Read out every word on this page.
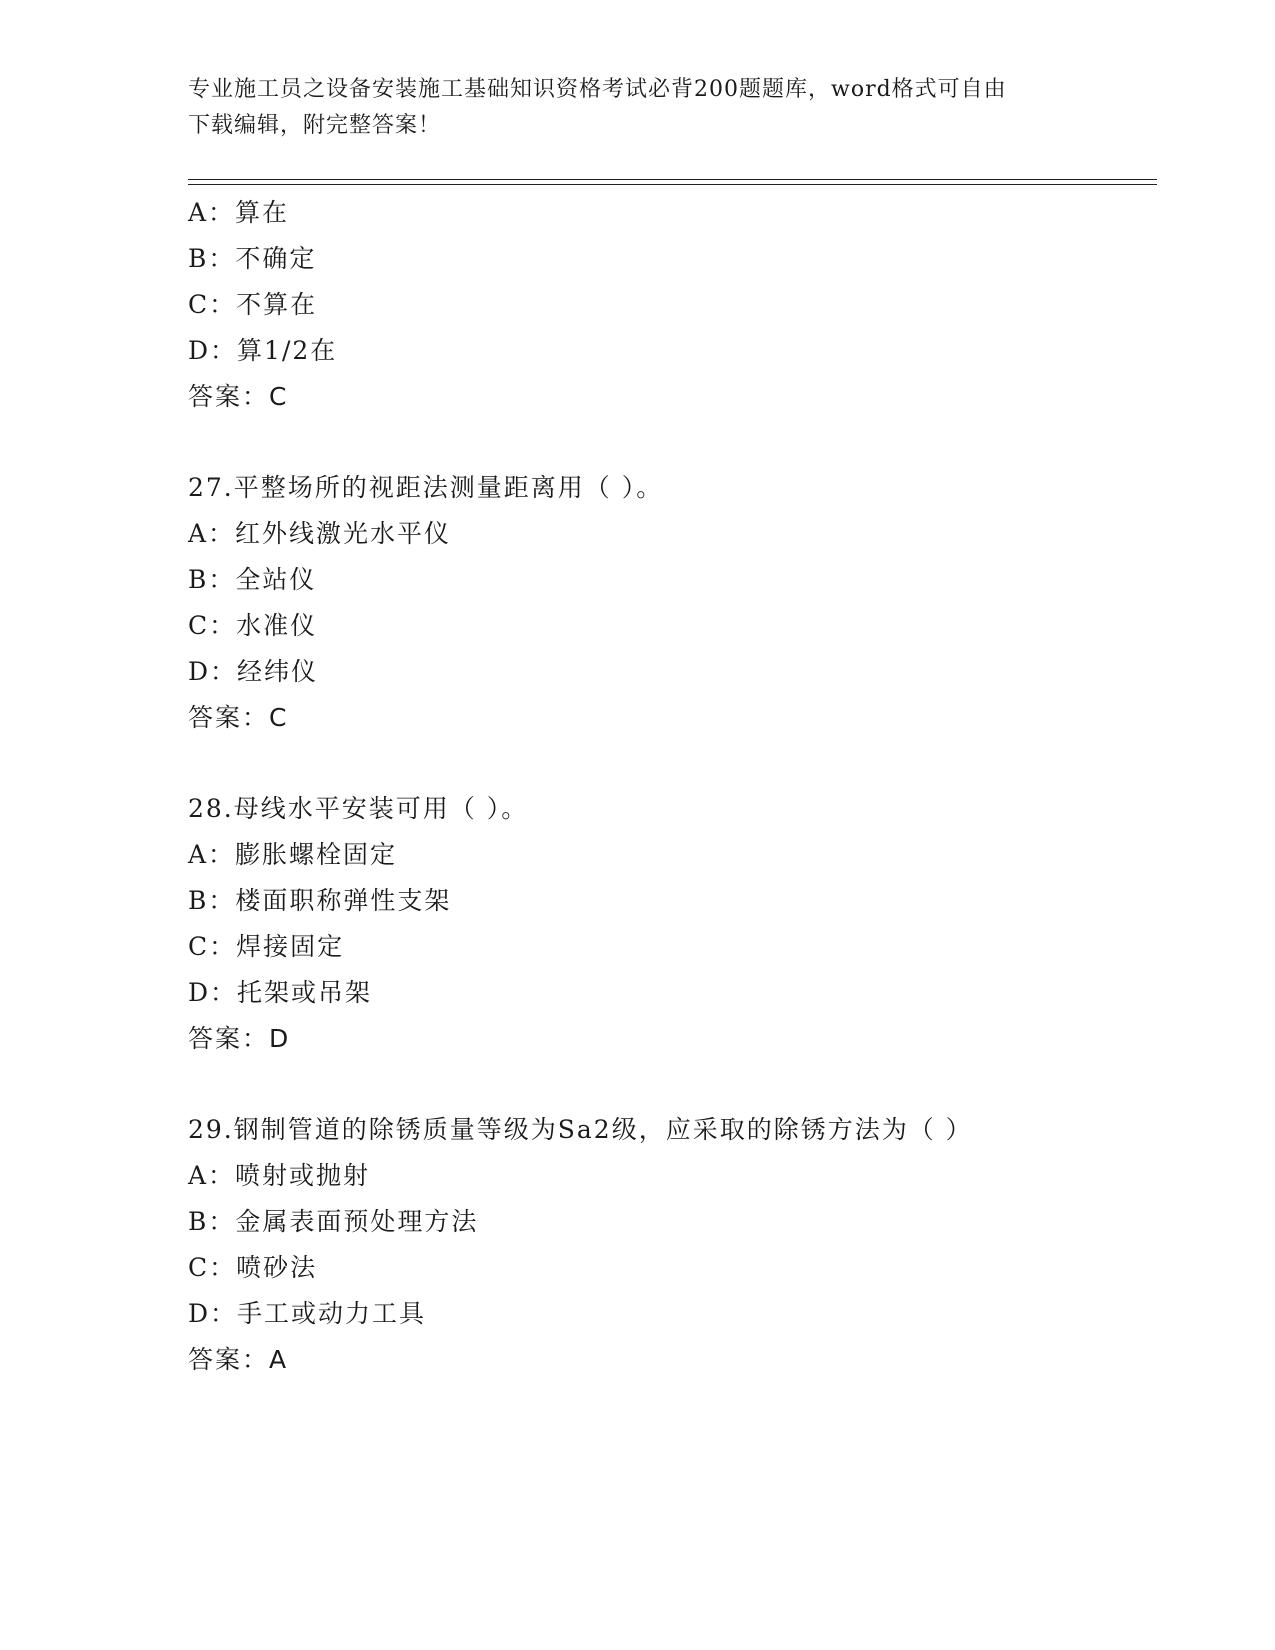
专业施工员之设备安装施工基础知识资格考试必背200题题库，word格式可自由
下载编辑，附完整答案！
A：算在
B：不确定
C：不算在
D：算1/2在
答案：C
27.平整场所的视距法测量距离用（ ）。
A：红外线激光水平仪
B：全站仪
C：水准仪
D：经纬仪
答案：C
28.母线水平安装可用（ ）。
A：膨胀螺栓固定
B：楼面职称弹性支架
C：焊接固定
D：托架或吊架
答案：D
29.钢制管道的除锈质量等级为Sa2级，应采取的除锈方法为（ ）
A：喷射或抛射
B：金属表面预处理方法
C：喷砂法
D：手工或动力工具
答案：A
